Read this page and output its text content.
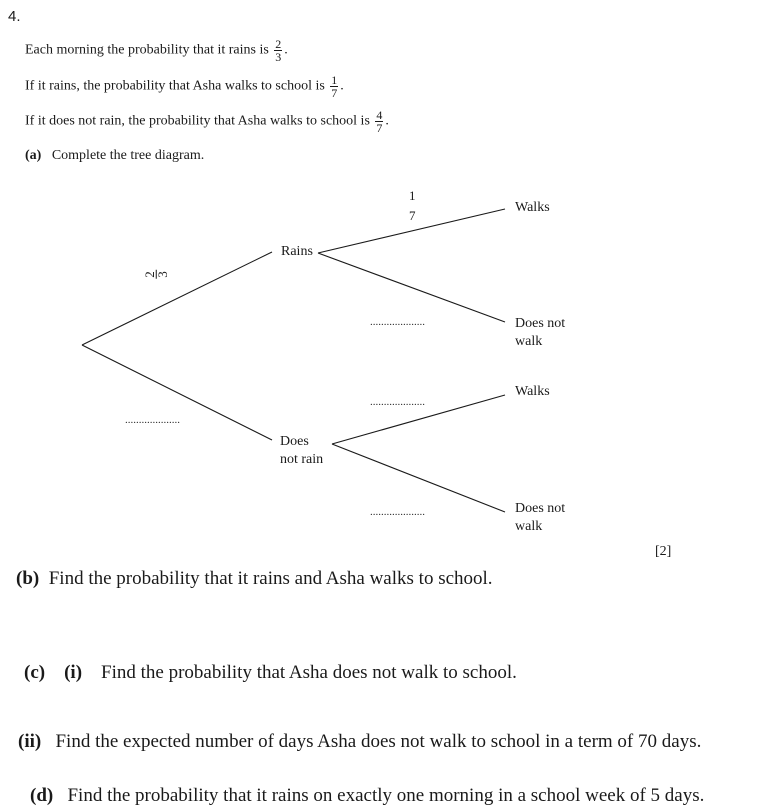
4.
Each morning the probability that it rains is $\frac{2}{3}$ .
If it rains, the probability that Asha walks to school is $\frac{1}{7}$ .
If it does not rain, the probability that Asha walks to school is $\frac{4}{7}$ .
(a) Complete the tree diagram.
2
3
....................
Rains
Does
not rain
1
7
....................
....................
....................
Walks
Does not
walk
Walks
Does not
walk
[2]
(b) Find the probability that it rains and Asha walks to school.
(c) (i) Find the probability that Asha does not walk to school.
(ii) Find the expected number of days Asha does not walk to school in a term of 70 days.
(d) Find the probability that it rains on exactly one morning in a school week of 5 days.
